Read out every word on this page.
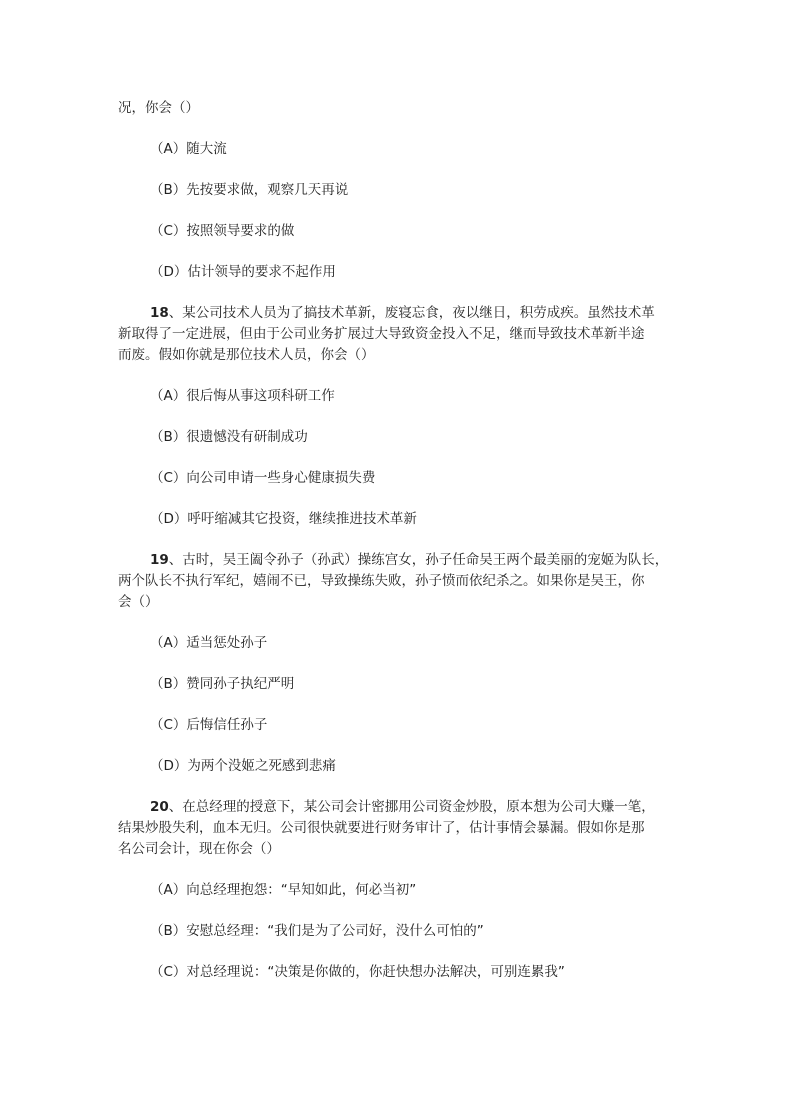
况，你会（）

（A）随大流

（B）先按要求做，观察几天再说

（C）按照领导要求的做

（D）估计领导的要求不起作用

18、某公司技术人员为了搞技术革新，废寝忘食，夜以继日，积劳成疾。虽然技术革
新取得了一定进展，但由于公司业务扩展过大导致资金投入不足，继而导致技术革新半途
而废。假如你就是那位技术人员，你会（）

（A）很后悔从事这项科研工作

（B）很遗憾没有研制成功

（C）向公司申请一些身心健康损失费

（D）呼吁缩减其它投资，继续推进技术革新

19、古时，吴王阖令孙子（孙武）操练宫女，孙子任命吴王两个最美丽的宠姬为队长，
两个队长不执行军纪，嬉闹不已，导致操练失败，孙子愤而依纪杀之。如果你是吴王，你
会（）

（A）适当惩处孙子

（B）赞同孙子执纪严明

（C）后悔信任孙子

（D）为两个没姬之死感到悲痛

20、在总经理的授意下，某公司会计密挪用公司资金炒股，原本想为公司大赚一笔，
结果炒股失利，血本无归。公司很快就要进行财务审计了，估计事情会暴漏。假如你是那
名公司会计，现在你会（）

（A）向总经理抱怨：“早知如此，何必当初”

（B）安慰总经理：“我们是为了公司好，没什么可怕的”

（C）对总经理说：“决策是你做的，你赶快想办法解决，可别连累我”
